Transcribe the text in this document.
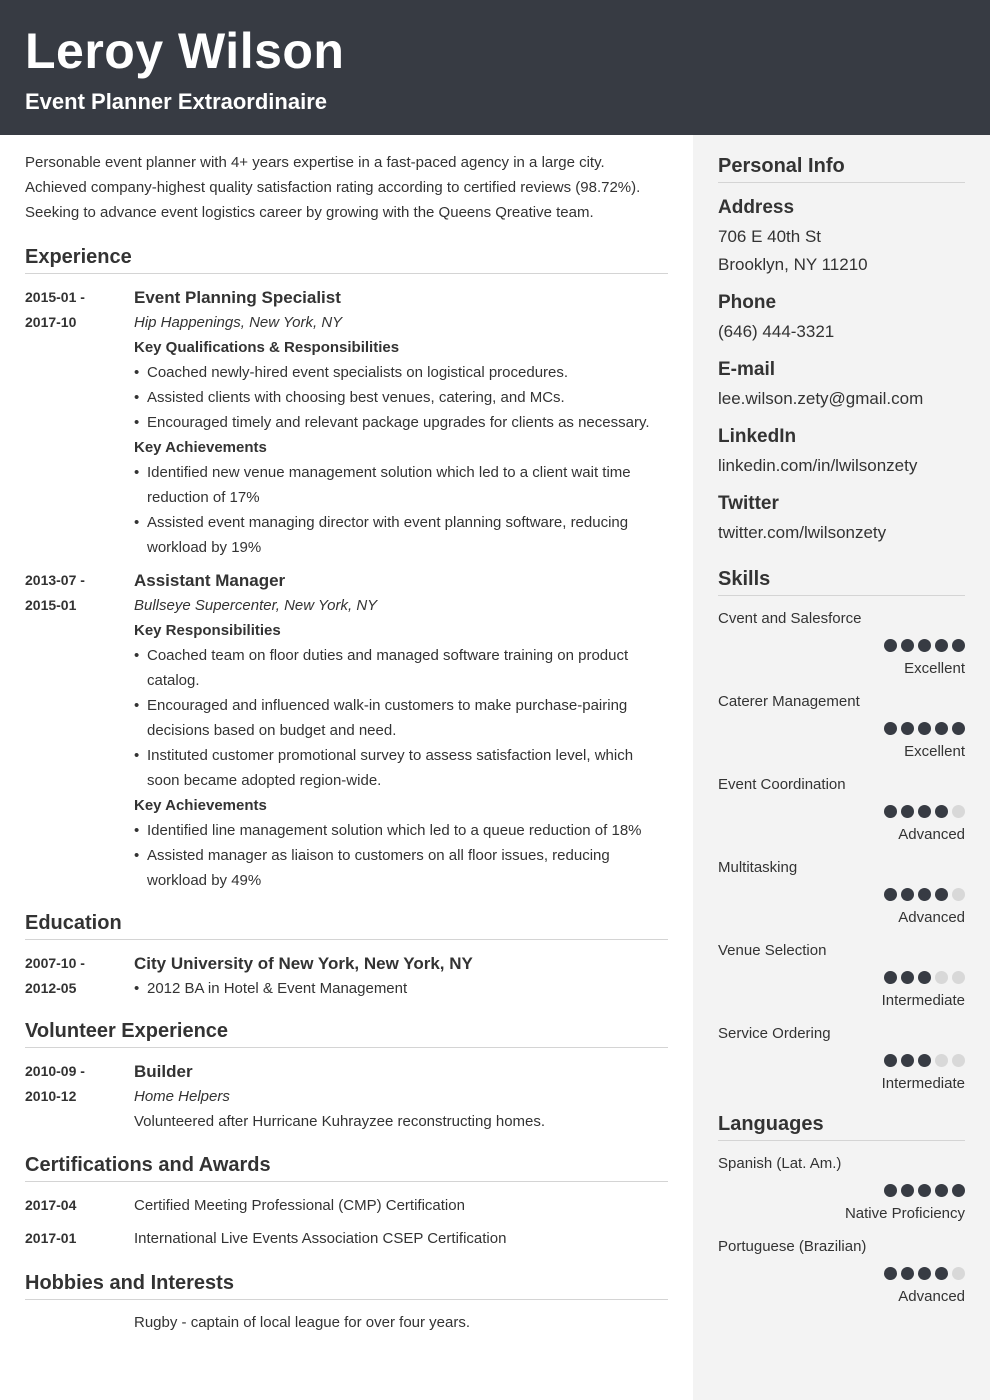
Leroy Wilson
Event Planner Extraordinaire
Personal Info
Address
706 E 40th St
Brooklyn, NY 11210
Phone
(646) 444-3321
E-mail
lee.wilson.zety@gmail.com
LinkedIn
linkedin.com/in/lwilsonzety
Twitter
twitter.com/lwilsonzety
Skills
Cvent and Salesforce
Excellent
Caterer Management
Excellent
Event Coordination
Advanced
Multitasking
Advanced
Venue Selection
Intermediate
Service Ordering
Intermediate
Languages
Spanish (Lat. Am.)
Native Proficiency
Portuguese (Brazilian)
Advanced

Personable event planner with 4+ years expertise in a fast-paced agency in a large city.
Achieved company-highest quality satisfaction rating according to certified reviews (98.72%).
Seeking to advance event logistics career by growing with the Queens Qreative team.

Experience
2015-01 -
2017-10
Event Planning Specialist
Hip Happenings, New York, NY
Key Qualifications & Responsibilities
• Coached newly-hired event specialists on logistical procedures.
• Assisted clients with choosing best venues, catering, and MCs.
• Encouraged timely and relevant package upgrades for clients as necessary.
Key Achievements
• Identified new venue management solution which led to a client wait time reduction of 17%
• Assisted event managing director with event planning software, reducing workload by 19%
2013-07 -
2015-01
Assistant Manager
Bullseye Supercenter, New York, NY
Key Responsibilities
• Coached team on floor duties and managed software training on product catalog.
• Encouraged and influenced walk-in customers to make purchase-pairing decisions based on budget and need.
• Instituted customer promotional survey to assess satisfaction level, which soon became adopted region-wide.
Key Achievements
• Identified line management solution which led to a queue reduction of 18%
• Assisted manager as liaison to customers on all floor issues, reducing workload by 49%
Education
2007-10 -
2012-05
City University of New York, New York, NY
• 2012 BA in Hotel & Event Management
Volunteer Experience
2010-09 -
2010-12
Builder
Home Helpers
Volunteered after Hurricane Kuhrayzee reconstructing homes.
Certifications and Awards
2017-04	Certified Meeting Professional (CMP) Certification
2017-01	International Live Events Association CSEP Certification
Hobbies and Interests
Rugby - captain of local league for over four years.
